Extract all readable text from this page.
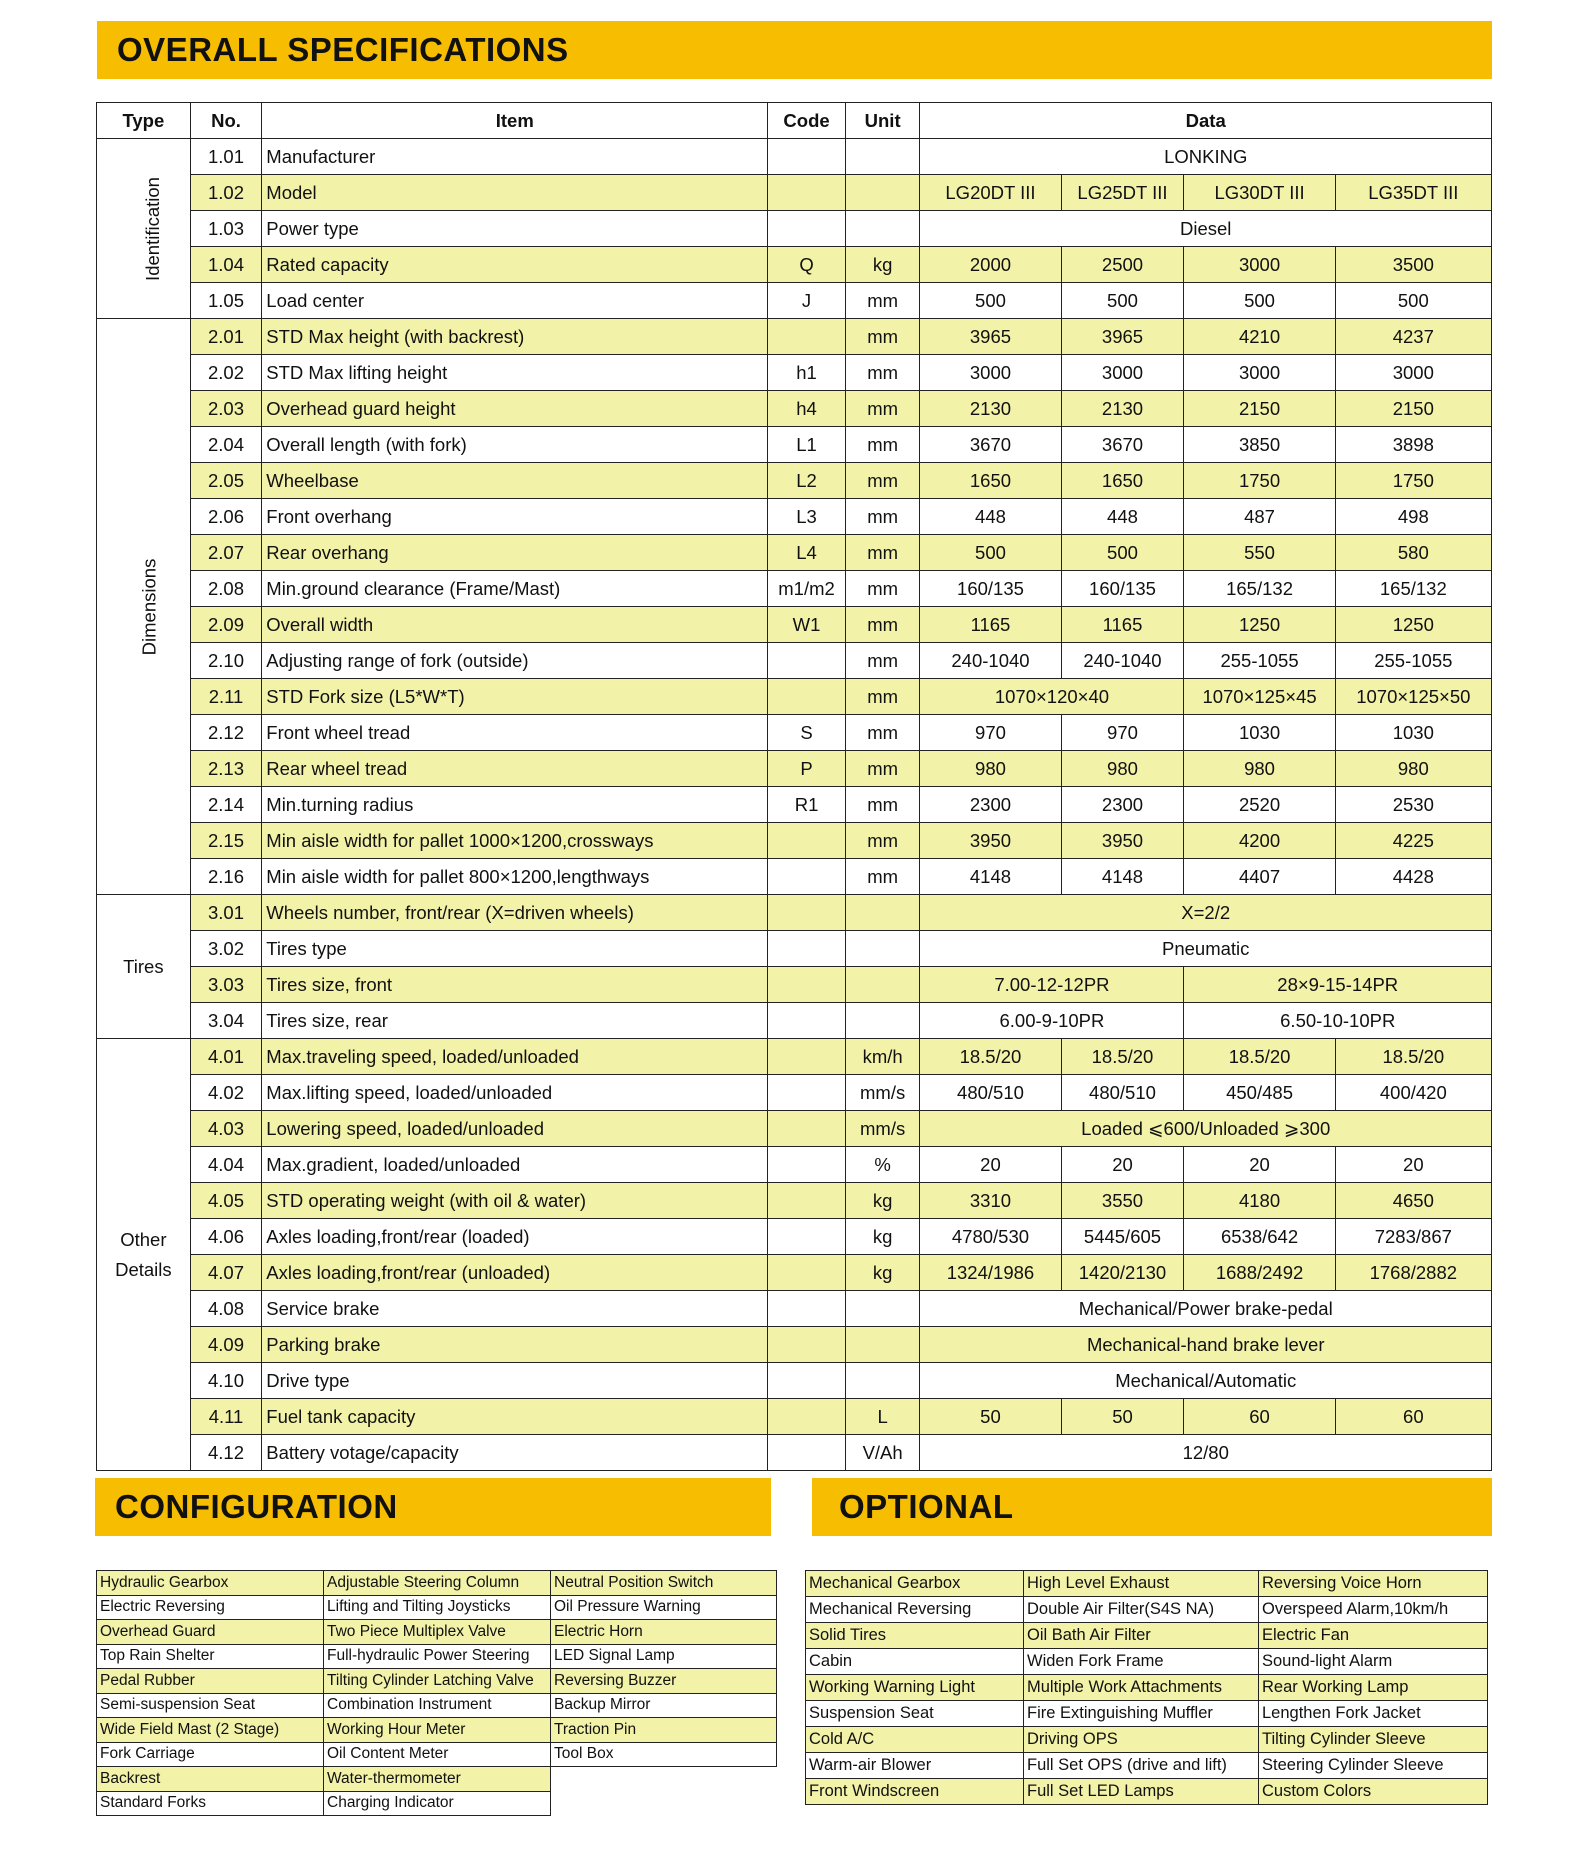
OVERALL SPECIFICATIONS
Type	No.	Item	Code	Unit	Data			
Identification	1.01	Manufacturer			LONKING			
	1.02	Model			LG20DT III	LG25DT III	LG30DT III	LG35DT III
	1.03	Power type			Diesel			
	1.04	Rated capacity	Q	kg	2000	2500	3000	3500
	1.05	Load center	J	mm	500	500	500	500
Dimensions	2.01	STD Max height (with backrest)		mm	3965	3965	4210	4237
	2.02	STD Max lifting height	h1	mm	3000	3000	3000	3000
	2.03	Overhead guard height	h4	mm	2130	2130	2150	2150
	2.04	Overall length (with fork)	L1	mm	3670	3670	3850	3898
	2.05	Wheelbase	L2	mm	1650	1650	1750	1750
	2.06	Front overhang	L3	mm	448	448	487	498
	2.07	Rear overhang	L4	mm	500	500	550	580
	2.08	Min.ground clearance (Frame/Mast)	m1/m2	mm	160/135	160/135	165/132	165/132
	2.09	Overall width	W1	mm	1165	1165	1250	1250
	2.10	Adjusting range of fork (outside)		mm	240-1040	240-1040	255-1055	255-1055
	2.11	STD Fork size (L5*W*T)		mm	1070×120×40		1070×125×45	1070×125×50
	2.12	Front wheel tread	S	mm	970	970	1030	1030
	2.13	Rear wheel tread	P	mm	980	980	980	980
	2.14	Min.turning radius	R1	mm	2300	2300	2520	2530
	2.15	Min aisle width for pallet 1000×1200,crossways		mm	3950	3950	4200	4225
	2.16	Min aisle width for pallet 800×1200,lengthways		mm	4148	4148	4407	4428
Tires	3.01	Wheels number, front/rear (X=driven wheels)			X=2/2			
	3.02	Tires type			Pneumatic			
	3.03	Tires size, front			7.00-12-12PR		28×9-15-14PR	
	3.04	Tires size, rear			6.00-9-10PR		6.50-10-10PR	

Other
Details	4.01	Max.traveling speed, loaded/unloaded		km/h	18.5/20	18.5/20	18.5/20	18.5/20
	4.02	Max.lifting speed, loaded/unloaded		mm/s	480/510	480/510	450/485	400/420
	4.03	Lowering speed, loaded/unloaded		mm/s	Loaded ⩽600/Unloaded ⩾300			
	4.04	Max.gradient, loaded/unloaded		%	20	20	20	20
	4.05	STD operating weight (with oil & water)		kg	3310	3550	4180	4650
	4.06	Axles loading,front/rear (loaded)		kg	4780/530	5445/605	6538/642	7283/867
	4.07	Axles loading,front/rear (unloaded)		kg	1324/1986	1420/2130	1688/2492	1768/2882
	4.08	Service brake			Mechanical/Power brake-pedal			
	4.09	Parking brake			Mechanical-hand brake lever			
	4.10	Drive type			Mechanical/Automatic			
	4.11	Fuel tank capacity		L	50	50	60	60
	4.12	Battery votage/capacity		V/Ah	12/80			
CONFIGURATION	OPTIONAL
Hydraulic Gearbox	Adjustable Steering Column	Neutral Position Switch
Electric Reversing	Lifting and Tilting Joysticks	Oil Pressure Warning
Overhead Guard	Two Piece Multiplex Valve	Electric Horn
Top Rain Shelter	Full-hydraulic Power Steering	LED Signal Lamp
Pedal Rubber	Tilting Cylinder Latching Valve	Reversing Buzzer
Semi-suspension Seat	Combination Instrument	Backup Mirror
Wide Field Mast (2 Stage)	Working Hour Meter	Traction Pin
Fork Carriage	Oil Content Meter	Tool Box
Backrest	Water-thermometer	
Standard Forks	Charging Indicator	
Mechanical Gearbox	High Level Exhaust	Reversing Voice Horn
Mechanical Reversing	Double Air Filter(S4S NA)	Overspeed Alarm,10km/h
Solid Tires	Oil Bath Air Filter	Electric Fan
Cabin	Widen Fork Frame	Sound-light Alarm
Working Warning Light	Multiple Work Attachments	Rear Working Lamp
Suspension Seat	Fire Extinguishing Muffler	Lengthen Fork Jacket
Cold A/C	Driving OPS	Tilting Cylinder Sleeve
Warm-air Blower	Full Set OPS (drive and lift)	Steering Cylinder Sleeve
Front Windscreen	Full Set LED Lamps	Custom Colors
